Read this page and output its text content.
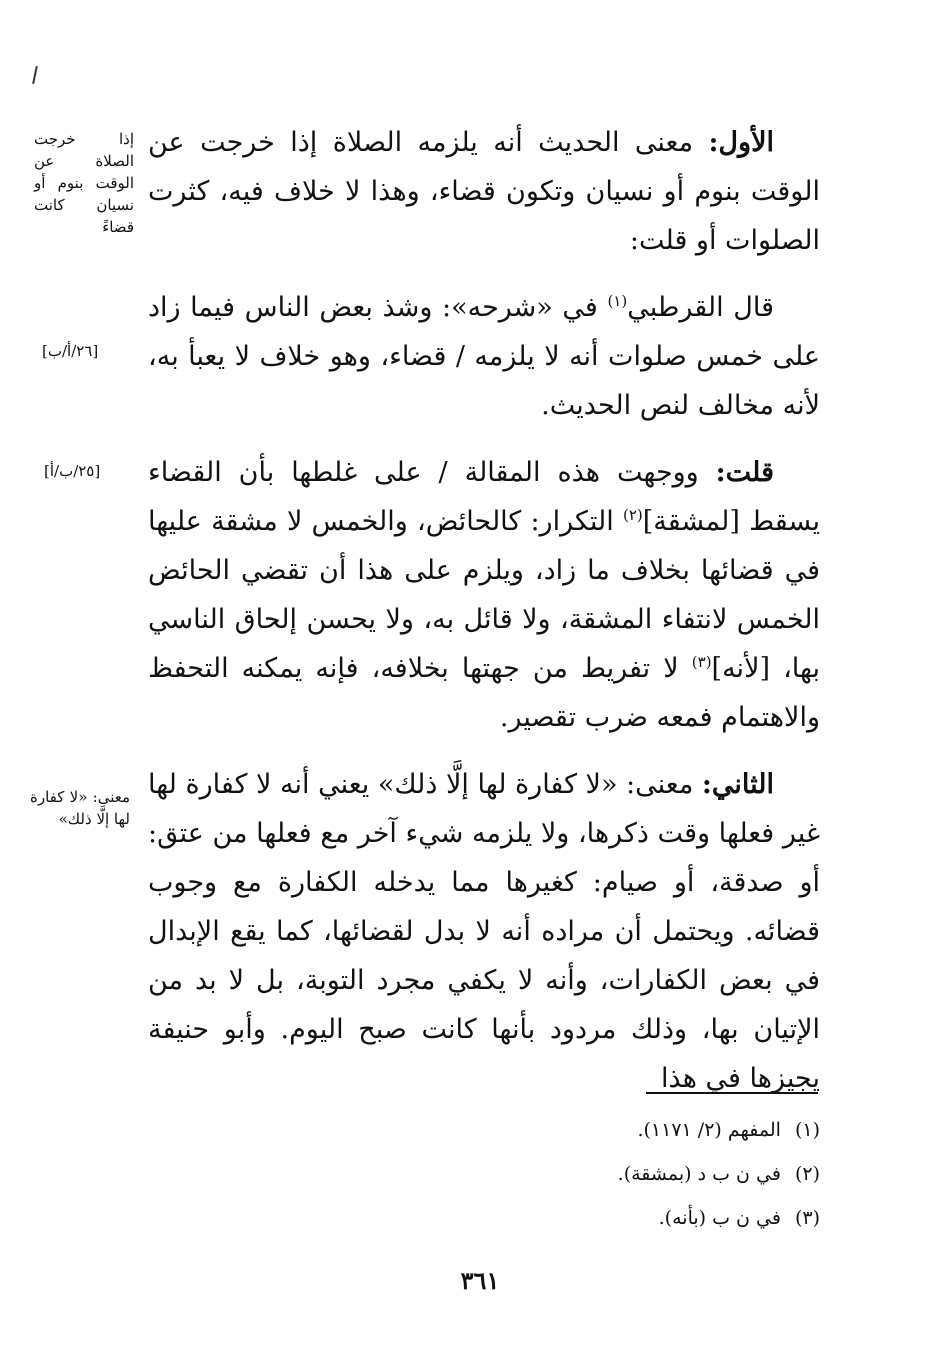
إذا خرجت الصلاة عن الوقت بنوم أو نسيان كانت قضاءً
[٢٦/أ/ب]
[٢٥/ب/أ]
معنى: «لا كفارة لها إلَّا ذلك»

الأول: معنى الحديث أنه يلزمه الصلاة إذا خرجت عن الوقت بنوم أو نسيان وتكون قضاء، وهذا لا خلاف فيه، كثرت الصلوات أو قلت:

قال القرطبي$^{(١)}$ في «شرحه»: وشذ بعض الناس فيما زاد على خمس صلوات أنه لا يلزمه / قضاء، وهو خلاف لا يعبأ به، لأنه مخالف لنص الحديث.

قلت: ووجهت هذه المقالة / على غلطها بأن القضاء يسقط [لمشقة]$^{(٢)}$ التكرار: كالحائض، والخمس لا مشقة عليها في قضائها بخلاف ما زاد، ويلزم على هذا أن تقضي الحائض الخمس لانتفاء المشقة، ولا قائل به، ولا يحسن إلحاق الناسي بها، [لأنه]$^{(٣)}$ لا تفريط من جهتها بخلافه، فإنه يمكنه التحفظ والاهتمام فمعه ضرب تقصير.

الثاني: معنى: «لا كفارة لها إلَّا ذلك» يعني أنه لا كفارة لها غير فعلها وقت ذكرها، ولا يلزمه شيء آخر مع فعلها من عتق: أو صدقة، أو صيام: كغيرها مما يدخله الكفارة مع وجوب قضائه. ويحتمل أن مراده أنه لا بدل لقضائها، كما يقع الإبدال في بعض الكفارات، وأنه لا يكفي مجرد التوبة، بل لا بد من الإتيان بها، وذلك مردود بأنها كانت صبح اليوم. وأبو حنيفة يجيزها في هذا

(١)المفهم (٢/ ١١٧١).

(٢)في ن ب د (بمشقة).

(٣)في ن ب (بأنه).

٣٦١
